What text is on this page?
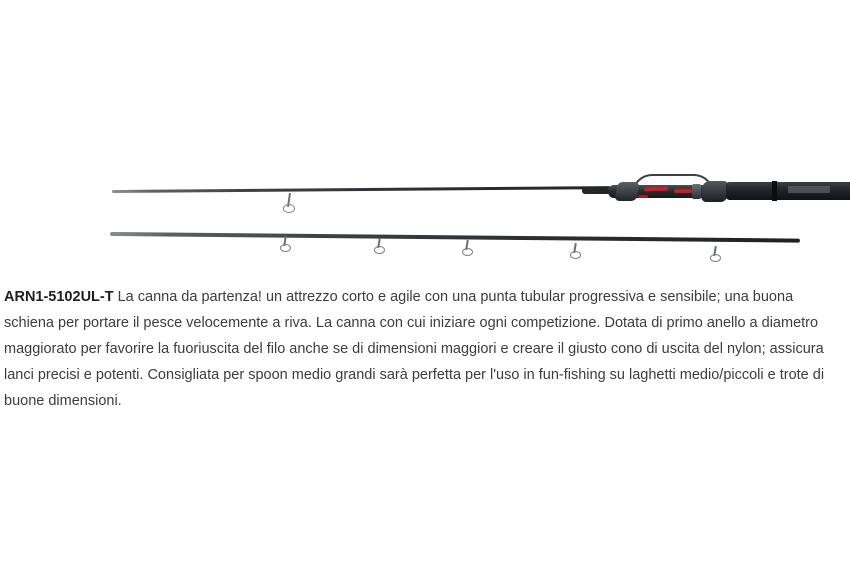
ARN1-5102UL-T La canna da partenza! un attrezzo corto e agile con una punta tubular progressiva e sensibile; una buona schiena per portare il pesce velocemente a riva. La canna con cui iniziare ogni competizione. Dotata di primo anello a diametro maggiorato per favorire la fuoriuscita del filo anche se di dimensioni maggiori e creare il giusto cono di uscita del nylon; assicura lanci precisi e potenti. Consigliata per spoon medio grandi sarà perfetta per l'uso in fun-fishing su laghetti medio/piccoli e trote di buone dimensioni.
